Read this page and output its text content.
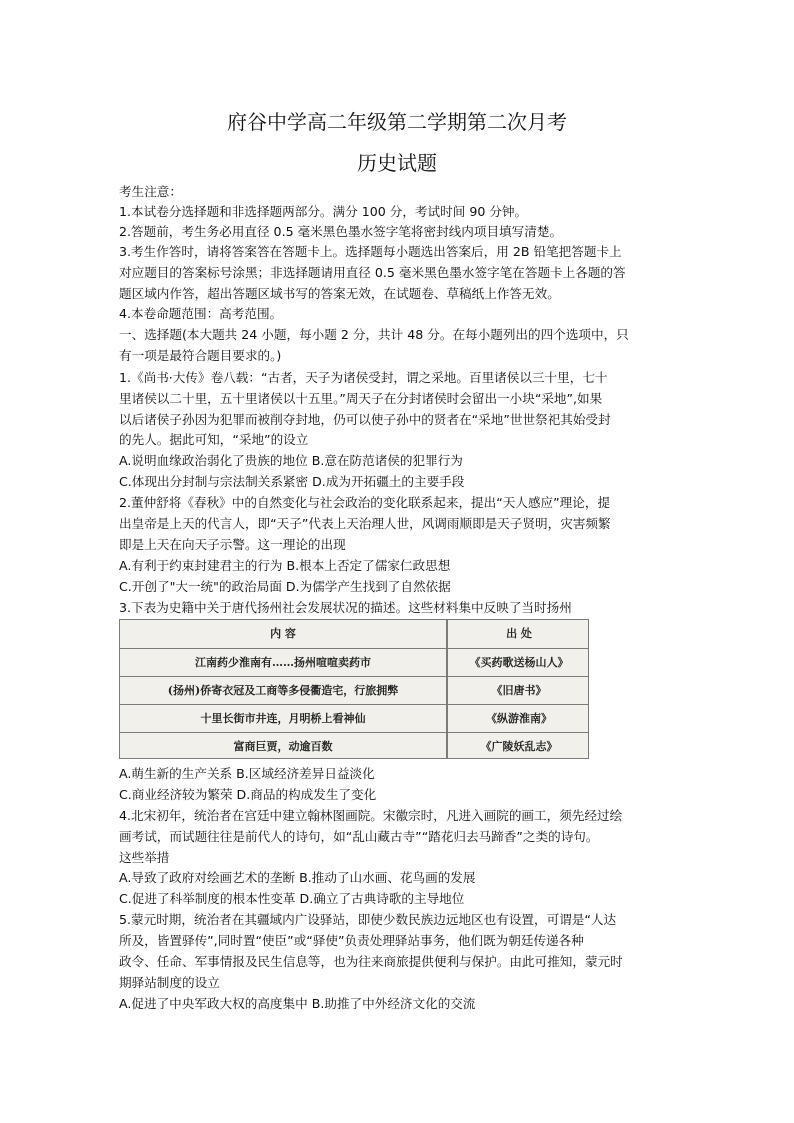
府谷中学高二年级第二学期第二次月考
历史试题
考生注意：
1.本试卷分选择题和非选择题两部分。满分 100 分，考试时间 90 分钟。
2.答题前，考生务必用直径 0.5 毫米黑色墨水签字笔将密封线内项目填写清楚。
3.考生作答时，请将答案答在答题卡上。选择题每小题选出答案后，用 2B 铅笔把答题卡上
对应题目的答案标号涂黑；非选择题请用直径 0.5 毫米黑色墨水签字笔在答题卡上各题的答
题区域内作答，超出答题区域书写的答案无效，在试题卷、草稿纸上作答无效。
4.本卷命题范围：高考范围。
一、选择题(本大题共 24 小题，每小题 2 分，共计 48 分。在每小题列出的四个选项中，只
有一项是最符合题目要求的。)
1.《尚书·大传》卷八载：“古者，天子为诸侯受封，谓之采地。百里诸侯以三十里，七十
里诸侯以二十里，五十里诸侯以十五里。”周天子在分封诸侯时会留出一小块“采地”,如果
以后诸侯子孙因为犯罪而被削夺封地，仍可以使子孙中的贤者在“采地”世世祭祀其始受封
的先人。据此可知，“采地”的设立
A.说明血缘政治弱化了贵族的地位 B.意在防范诸侯的犯罪行为
C.体现出分封制与宗法制关系紧密 D.成为开拓疆土的主要手段
2.董仲舒将《春秋》中的自然变化与社会政治的变化联系起来，提出“天人感应”理论，提
出皇帝是上天的代言人，即“天子”代表上天治理人世，风调雨顺即是天子贤明，灾害频繁
即是上天在向天子示警。这一理论的出现
A.有利于约束封建君主的行为 B.根本上否定了儒家仁政思想
C.开创了"大一统"的政治局面 D.为儒学产生找到了自然依据
3.下表为史籍中关于唐代扬州社会发展状况的描述。这些材料集中反映了当时扬州
内 容	出 处
江南药少淮南有……扬州喧喧卖药市	《买药歌送杨山人》
(扬州)侨寄衣冠及工商等多侵衢造宅，行旅拥弊	《旧唐书》
十里长街市井连，月明桥上看神仙	《纵游淮南》
富商巨贾，动逾百数	《广陵妖乱志》
A.萌生新的生产关系 B.区域经济差异日益淡化
C.商业经济较为繁荣 D.商品的构成发生了变化
4.北宋初年，统治者在宫廷中建立翰林图画院。宋徽宗时，凡进入画院的画工，须先经过绘
画考试，而试题往往是前代人的诗句，如“乱山藏古寺”“踏花归去马蹄香”之类的诗句。
这些举措
A.导致了政府对绘画艺术的垄断 B.推动了山水画、花鸟画的发展
C.促进了科举制度的根本性变革 D.确立了古典诗歌的主导地位
5.蒙元时期，统治者在其疆域内广设驿站，即使少数民族边远地区也有设置，可谓是“人达
所及，皆置驿传”,同时置“使臣”或“驿使”负责处理驿站事务，他们既为朝廷传递各种
政令、任命、军事情报及民生信息等，也为往来商旅提供便利与保护。由此可推知，蒙元时
期驿站制度的设立
A.促进了中央军政大权的高度集中 B.助推了中外经济文化的交流
